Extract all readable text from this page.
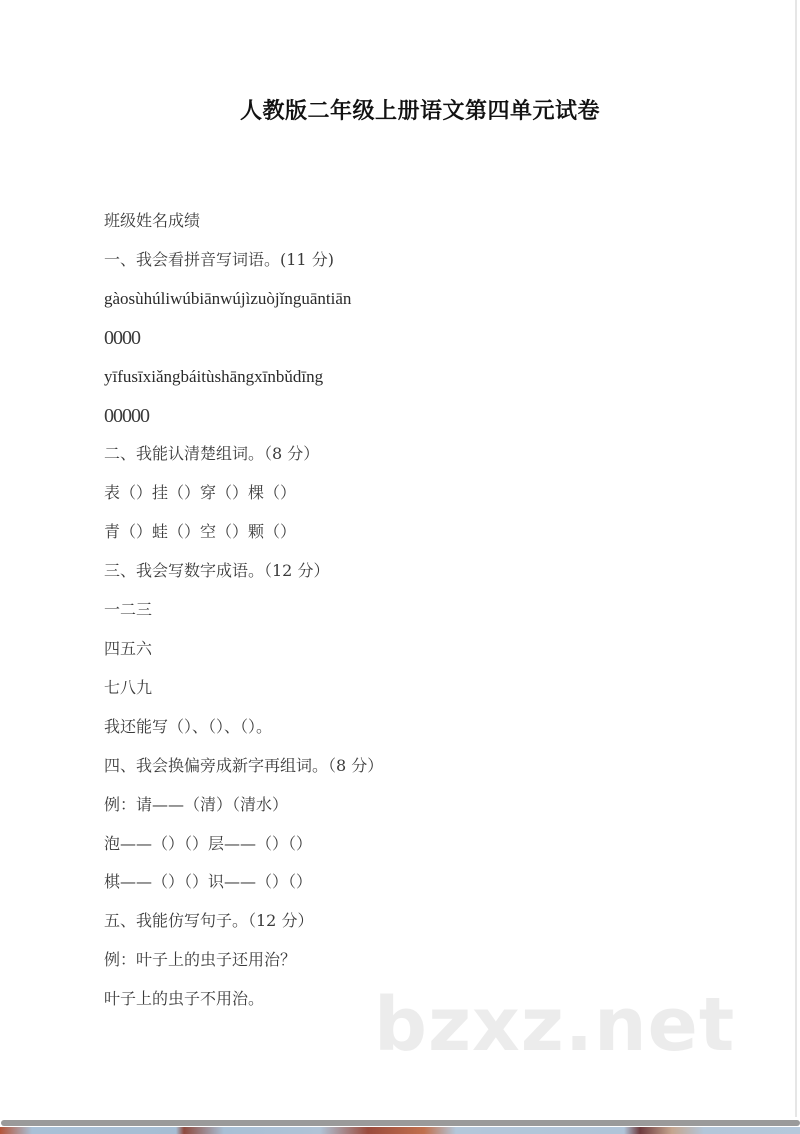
人教版二年级上册语文第四单元试卷
班级姓名成绩
一、我会看拼音写词语。(11 分)
gàosùhúliwúbiānwújìzuòjǐnguāntiān
0000
yīfusīxiǎngbáitùshāngxīnbǔdīng
00000
二、我能认清楚组词。（8 分）
表（）挂（）穿（）棵（）
青（）蛙（）空（）颗（）
三、我会写数字成语。（12 分）
一二三
四五六
七八九
我还能写（）、（）、（）。
四、我会换偏旁成新字再组词。（8 分）
例：请——（清）（清水）
泡——（）（）层——（）（）
棋——（）（）识——（）（）
五、我能仿写句子。（12 分）
例：叶子上的虫子还用治？
叶子上的虫子不用治。 bzxz.net
